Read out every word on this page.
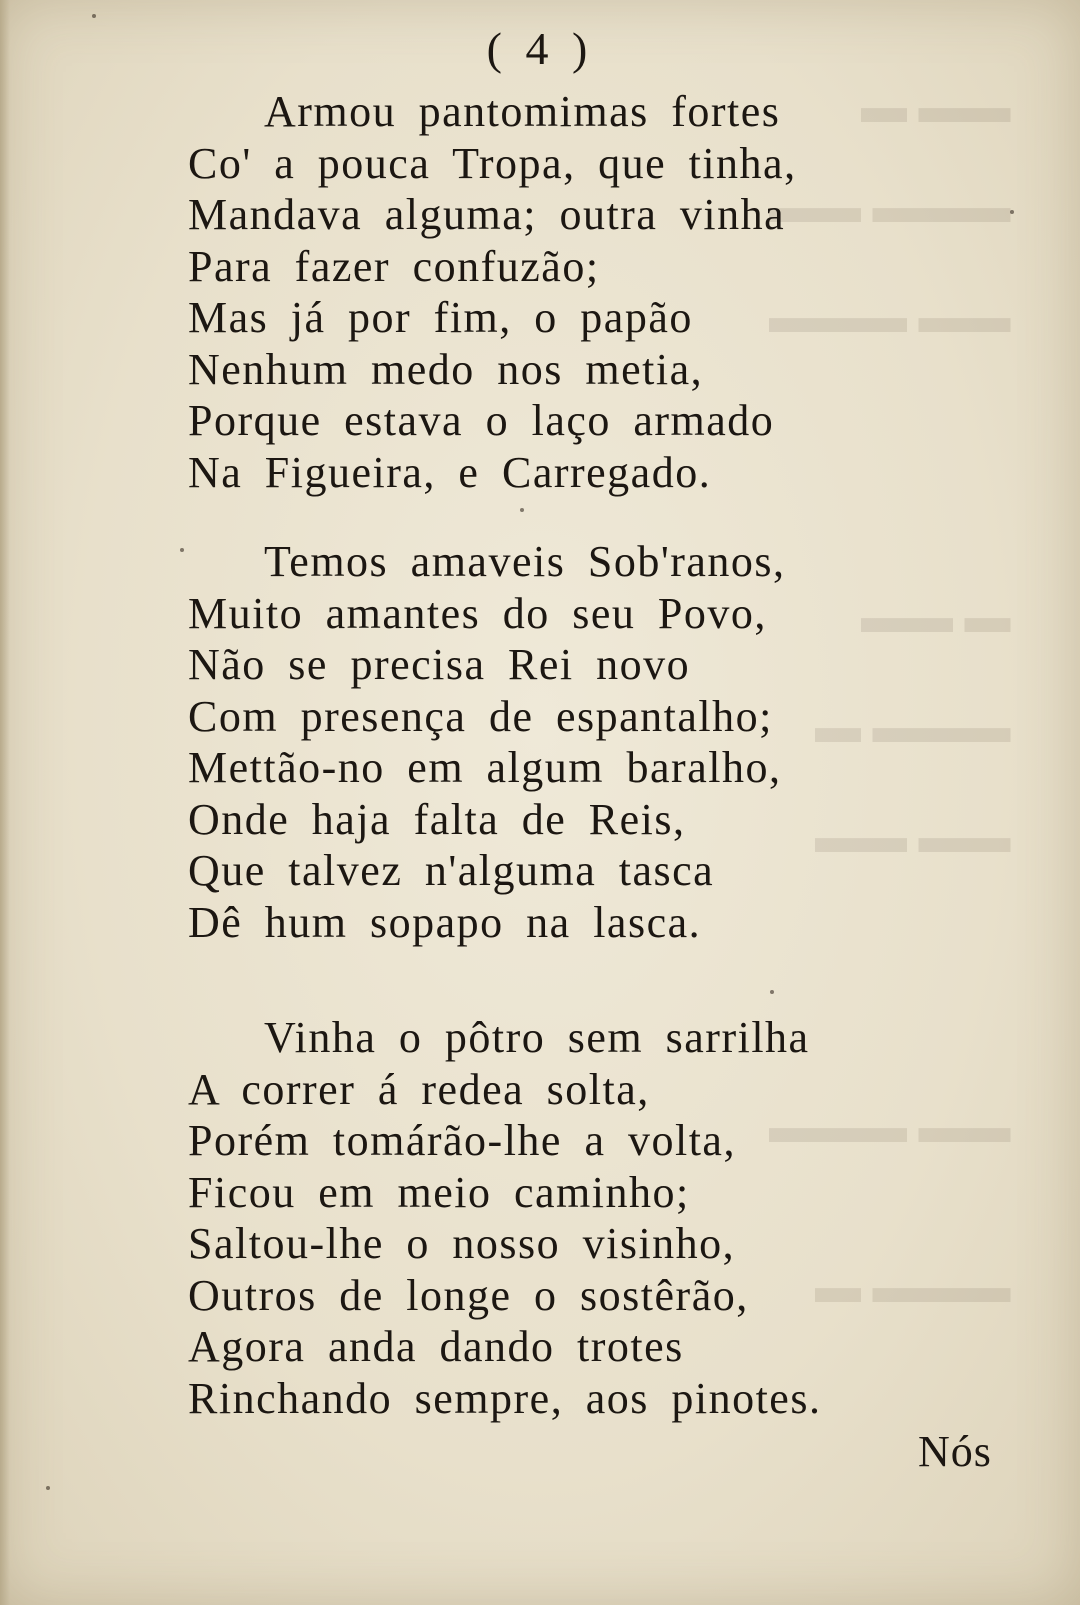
▬▬ ▬
▬▬▬ ▬▬
▬▬ ▬▬▬
▬ ▬▬
▬▬▬ ▬
▬▬ ▬▬
▬▬ ▬▬▬
▬▬▬ ▬
( 4 )
Armou pantomimas fortes
Co' a pouca Tropa, que tinha,
Mandava alguma; outra vinha
Para fazer confuzão;
Mas já por fim, o papão
Nenhum medo nos metia,
Porque estava o laço armado
Na Figueira, e Carregado.
Temos amaveis Sob'ranos,
Muito amantes do seu Povo,
Não se precisa Rei novo
Com presença de espantalho;
Mettão-no em algum baralho,
Onde haja falta de Reis,
Que talvez n'alguma tasca
Dê hum sopapo na lasca.
Vinha o pôtro sem sarrilha
A correr á redea solta,
Porém tomárão-lhe a volta,
Ficou em meio caminho;
Saltou-lhe o nosso visinho,
Outros de longe o sostêrão,
Agora anda dando trotes
Rinchando sempre, aos pinotes.
Nós
